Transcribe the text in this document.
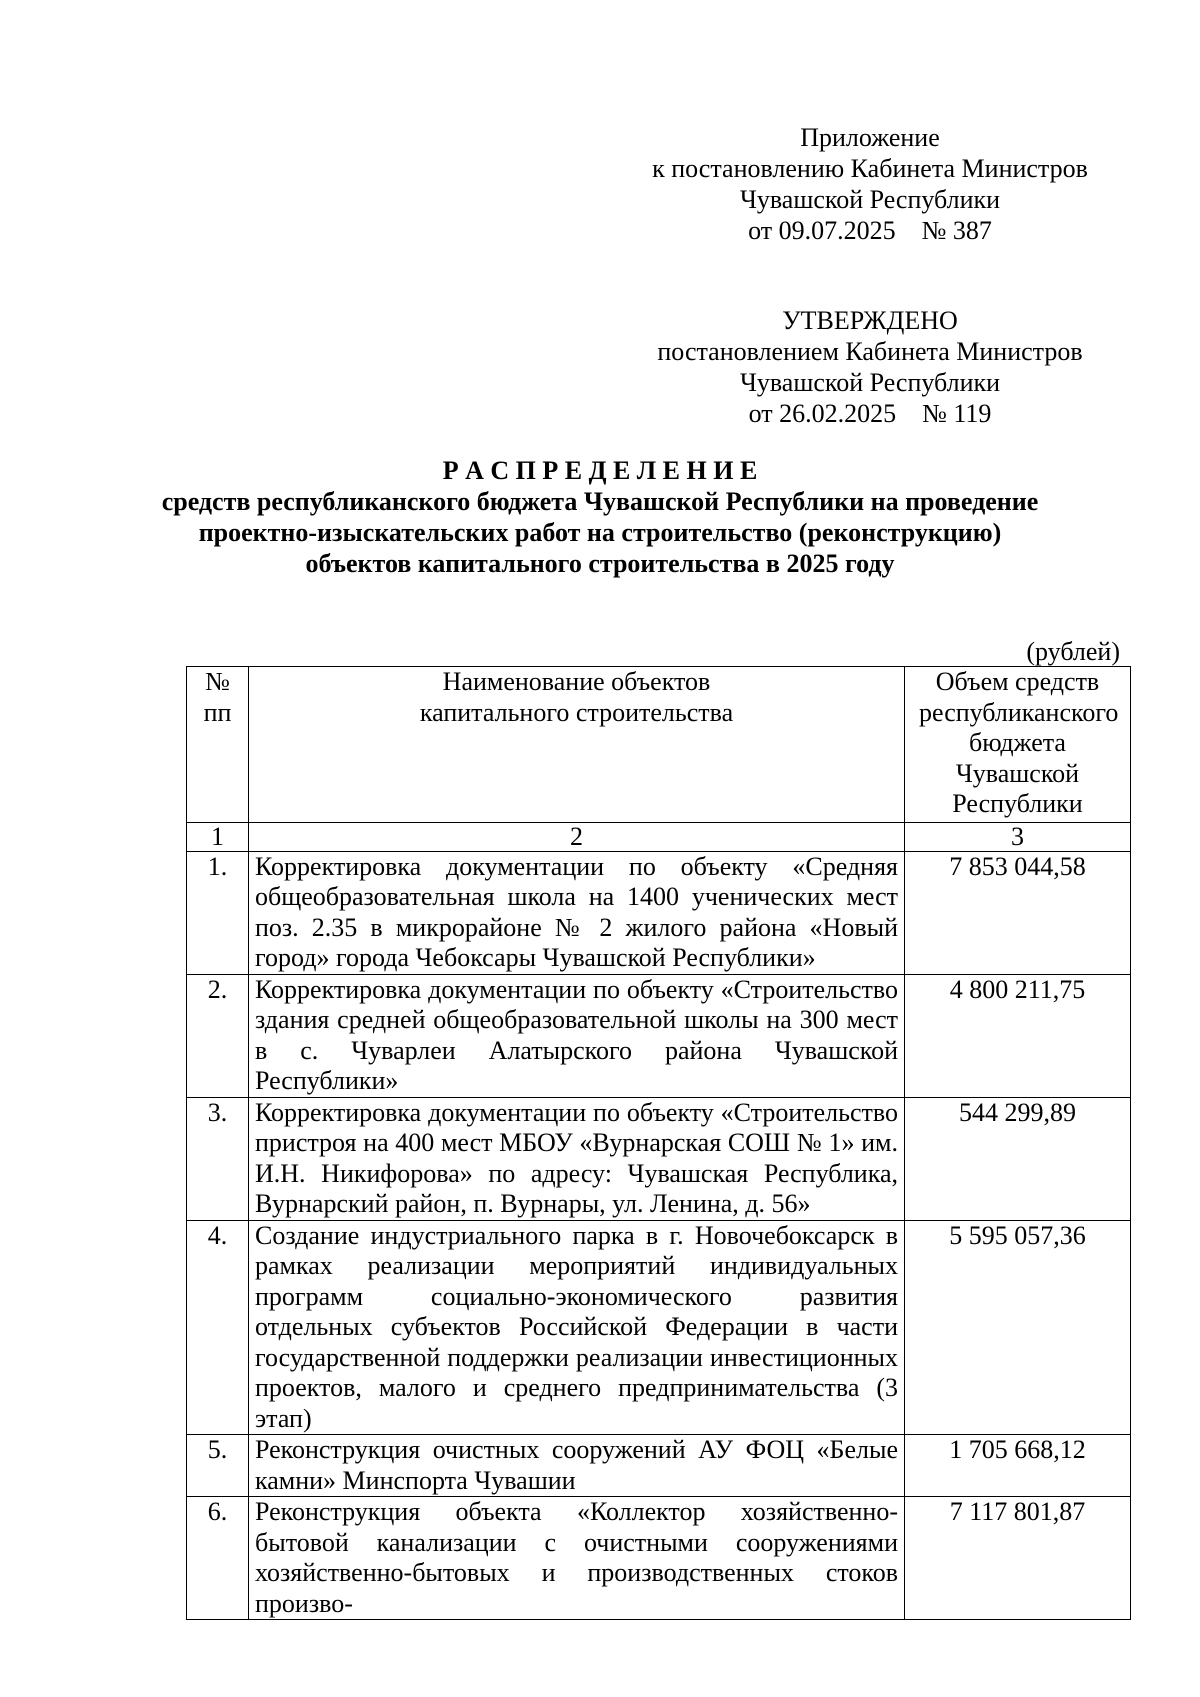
Приложение
к постановлению Кабинета Министров
Чувашской Республики
от 09.07.2025    № 387
УТВЕРЖДЕНО
постановлением Кабинета Министров
Чувашской Республики
от 26.02.2025    № 119
Р А С П Р Е Д Е Л Е Н И Е
средств республиканского бюджета Чувашской Республики на проведение
проектно-изыскательских работ на строительство (реконструкцию)
объектов капитального строительства в 2025 году
(рублей)
№ пп	Наименование объектов капитального строительства	Объем средств республиканского бюджета Чувашской Республики
1	2	3
1.	Корректировка документации по объекту «Средняя общеобразовательная школа на 1400 ученических мест поз. 2.35 в микрорайоне № 2 жилого района «Новый город» города Чебоксары Чувашской Республики»	7 853 044,58
2.	Корректировка документации по объекту «Строительство здания средней общеобразовательной школы на 300 мест в с. Чуварлеи Алатырского района Чувашской Республики»	4 800 211,75
3.	Корректировка документации по объекту «Строительство пристроя на 400 мест МБОУ «Вурнарская СОШ № 1» им. И.Н. Никифорова» по адресу: Чувашская Республика, Вурнарский район, п. Вурнары, ул. Ленина, д. 56»	544 299,89
4.	Создание индустриального парка в г. Новочебоксарск в рамках реализации мероприятий индивидуальных программ социально-экономического развития отдельных субъектов Российской Федерации в части государственной поддержки реализации инвестиционных проектов, малого и среднего предпринимательства (3 этап)	5 595 057,36
5.	Реконструкция очистных сооружений АУ ФОЦ «Белые камни» Минспорта Чувашии	1 705 668,12
6.	Реконструкция объекта «Коллектор хозяйственно-бытовой канализации с очистными сооружениями хозяйственно-бытовых и производственных стоков произво-	7 117 801,87
